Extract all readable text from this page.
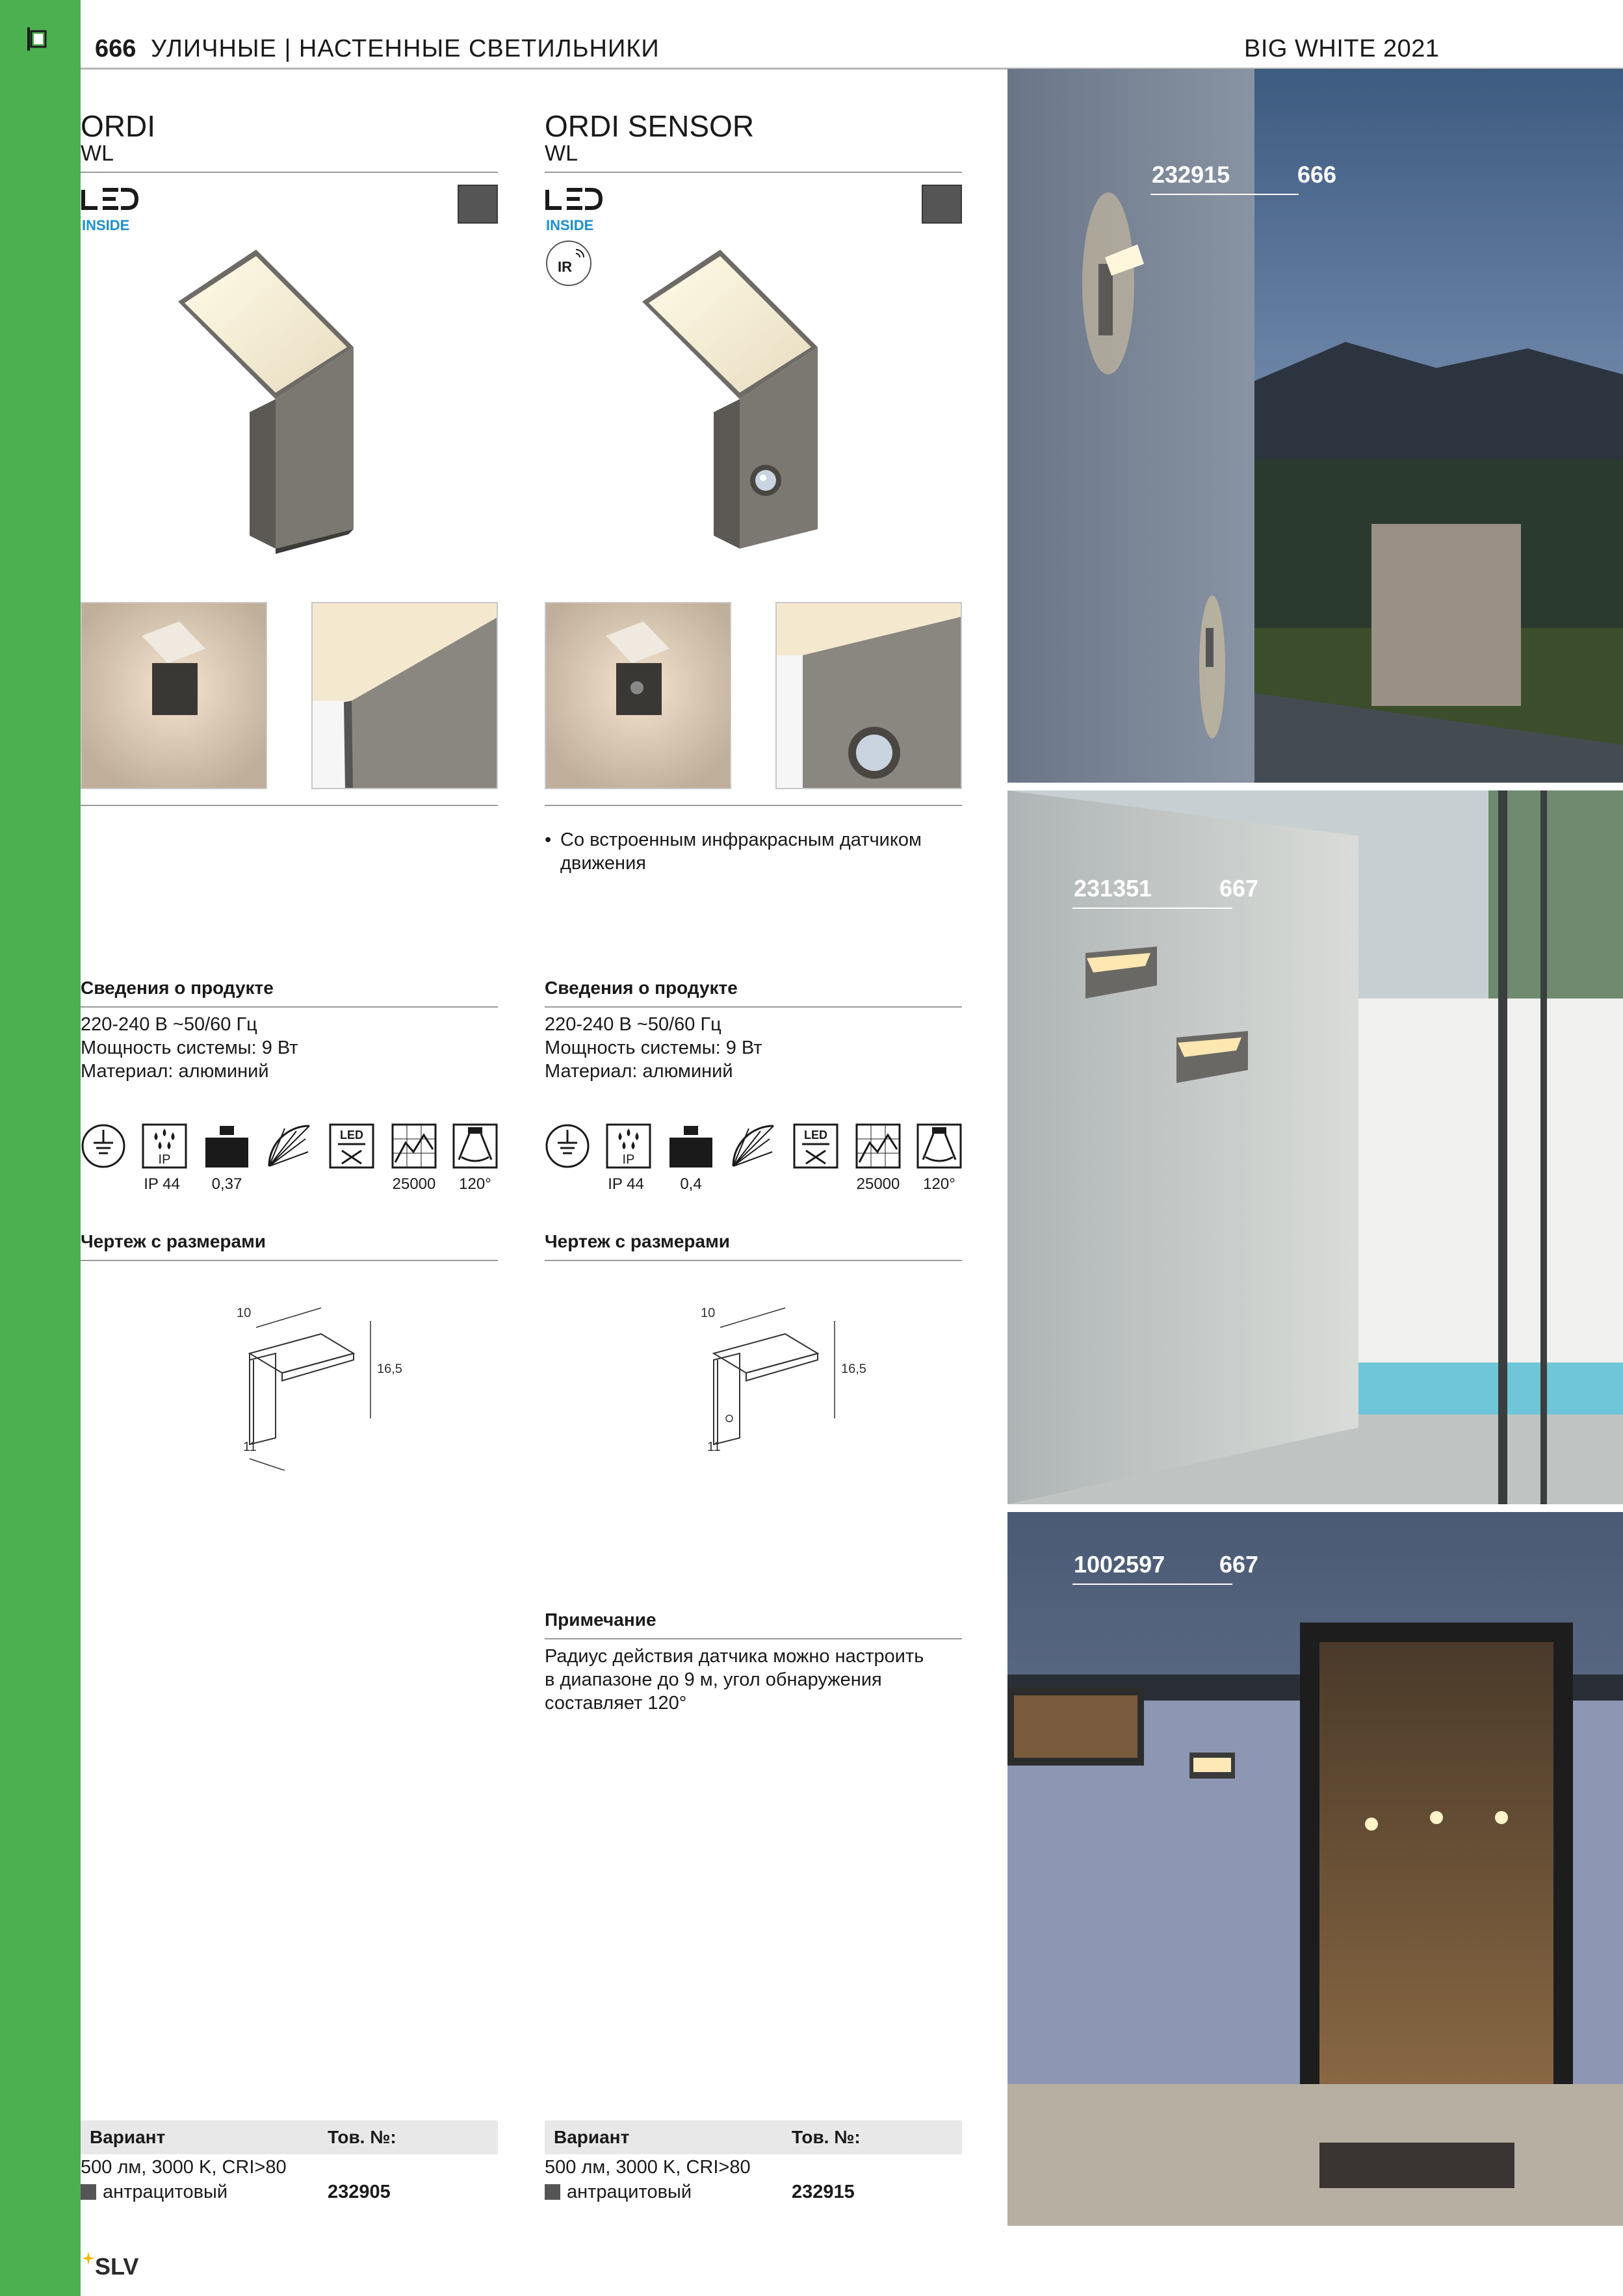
666 УЛИЧНЫЕ | НАСТЕННЫЕ СВЕТИЛЬНИКИ	BIG WHITE 2021
ORDI
WL
INSIDE
Сведения о продукте
220-240 В ~50/60 Гц
Мощность системы: 9 Вт
Материал: алюминий
IP
LED
IP 44	0,37	25000	120°
Чертеж с размерами
10
16,5
11
Вариант	Тов. №:
500 лм, 3000 K, CRI>80
антрацитовый	232905
ORDI SENSOR
WL
INSIDE
IR
• Со встроенным инфракрасным датчиком
движения
Сведения о продукте
220-240 В ~50/60 Гц
Мощность системы: 9 Вт
Материал: алюминий
IP
LED
IP 44	0,4	25000	120°
Чертеж с размерами
10
16,5
11
Примечание
Радиус действия датчика можно настроить
в диапазоне до 9 м, угол обнаружения
составляет 120°
Вариант	Тов. №:
500 лм, 3000 K, CRI>80
антрацитовый	232915
232915	666
231351	667
1002597 667
SLV
